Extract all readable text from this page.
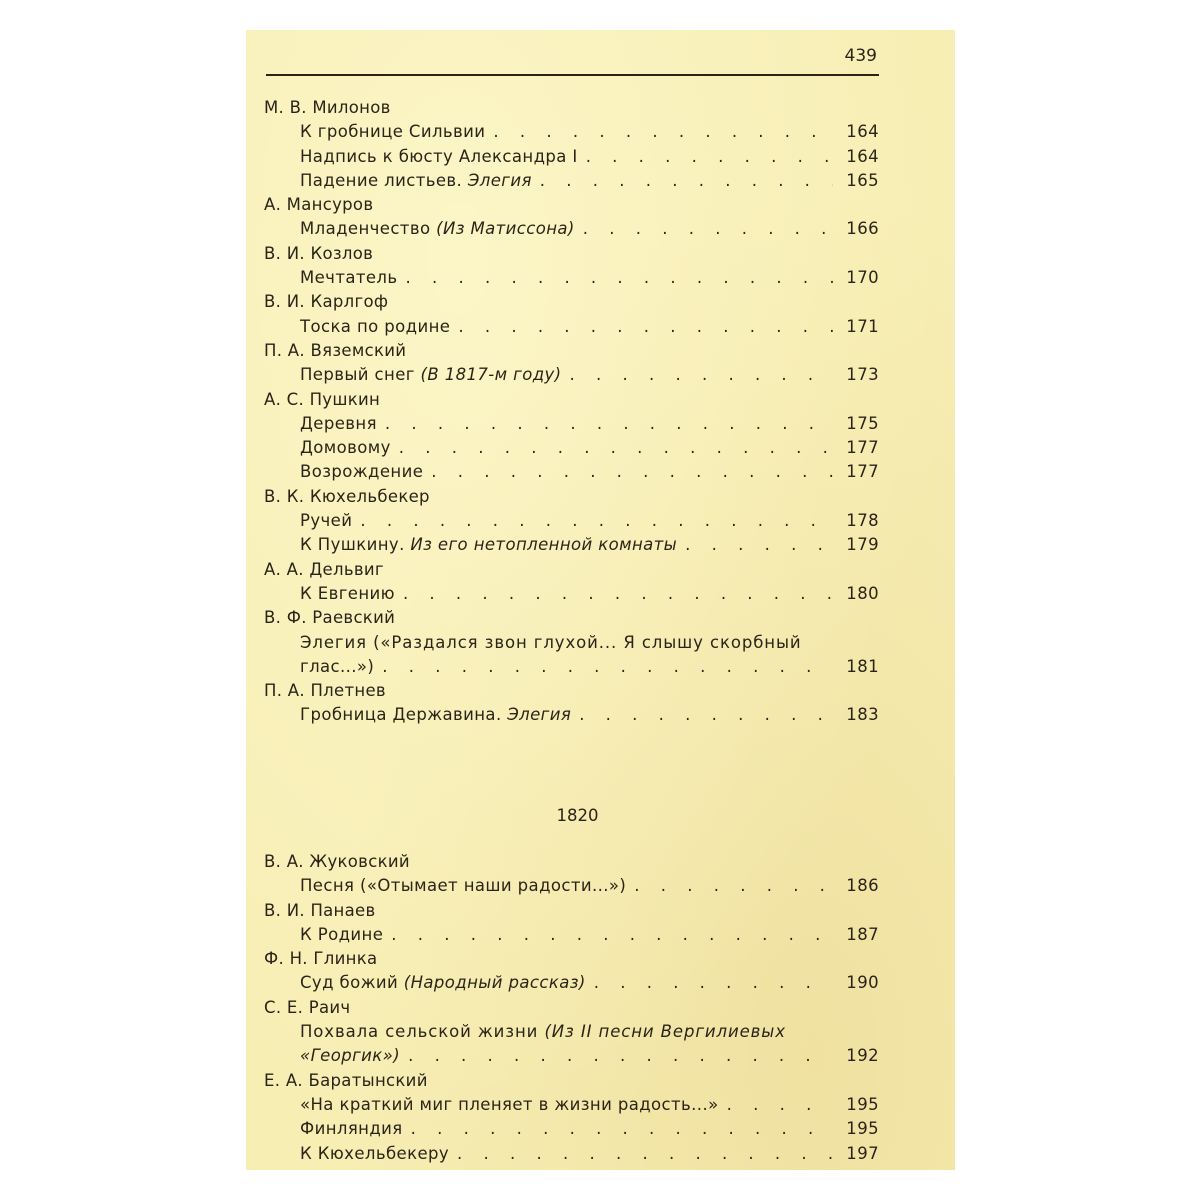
439
М. В. Милонов
К гробнице Сильвии . . .	164
Надпись к бюсту Александра I . . .	164
Падение листьев. Элегия . . .	165
А. Мансуров
Младенчество (Из Матиссона) . . .	166
В. И. Козлов
Мечтатель . . .	170
В. И. Карлгоф
Тоска по родине . . .	171
П. А. Вяземский
Первый снег (В 1817-м году) . . .	173
А. С. Пушкин
Деревня . . .	175
Домовому . . .	177
Возрождение . . .	177
В. К. Кюхельбекер
Ручей . . .	178
К Пушкину. Из его нетопленной комнаты . . .	179
А. А. Дельвиг
К Евгению . . .	180
В. Ф. Раевский
Элегия («Раздался звон глухой... Я слышу скорбный
глас...») . . .	181
П. А. Плетнев
Гробница Державина. Элегия . . .	183
1820
В. А. Жуковский
Песня («Отымает наши радости...») . . .	186
В. И. Панаев
К Родине . . .	187
Ф. Н. Глинка
Суд божий (Народный рассказ) . . .	190
С. Е. Раич
Похвала сельской жизни (Из II песни Вергилиевых
«Георгик») . . .	192
Е. А. Баратынский
«На краткий миг пленяет в жизни радость...» . . .	195
Финляндия . . .	195
К Кюхельбекеру . . .	197
